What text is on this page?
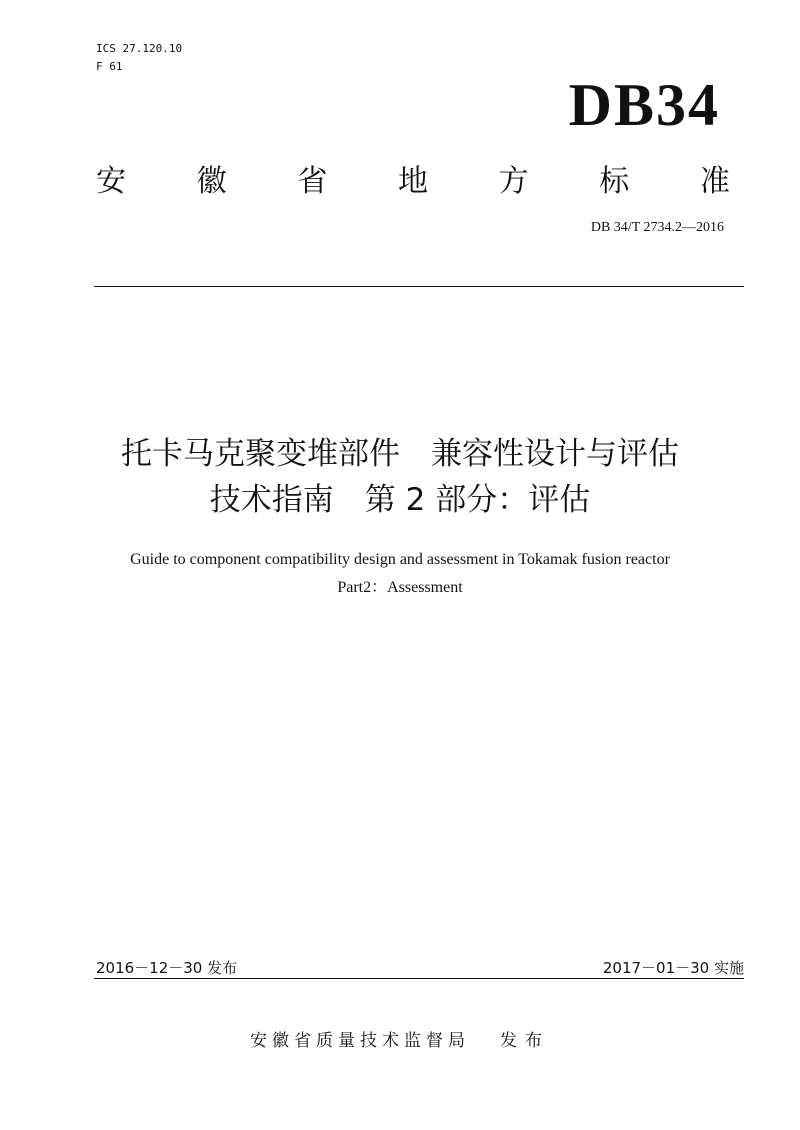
ICS 27.120.10
F 61
DB34
安 徽 省 地 方 标 准
DB 34/T 2734.2—2016
托卡马克聚变堆部件　兼容性设计与评估
技术指南　第 2 部分：评估
Guide to component compatibility design and assessment in Tokamak fusion reactor
Part2：Assessment
2016－12－30 发布	2017－01－30 实施
安徽省质量技术监督局 发布
